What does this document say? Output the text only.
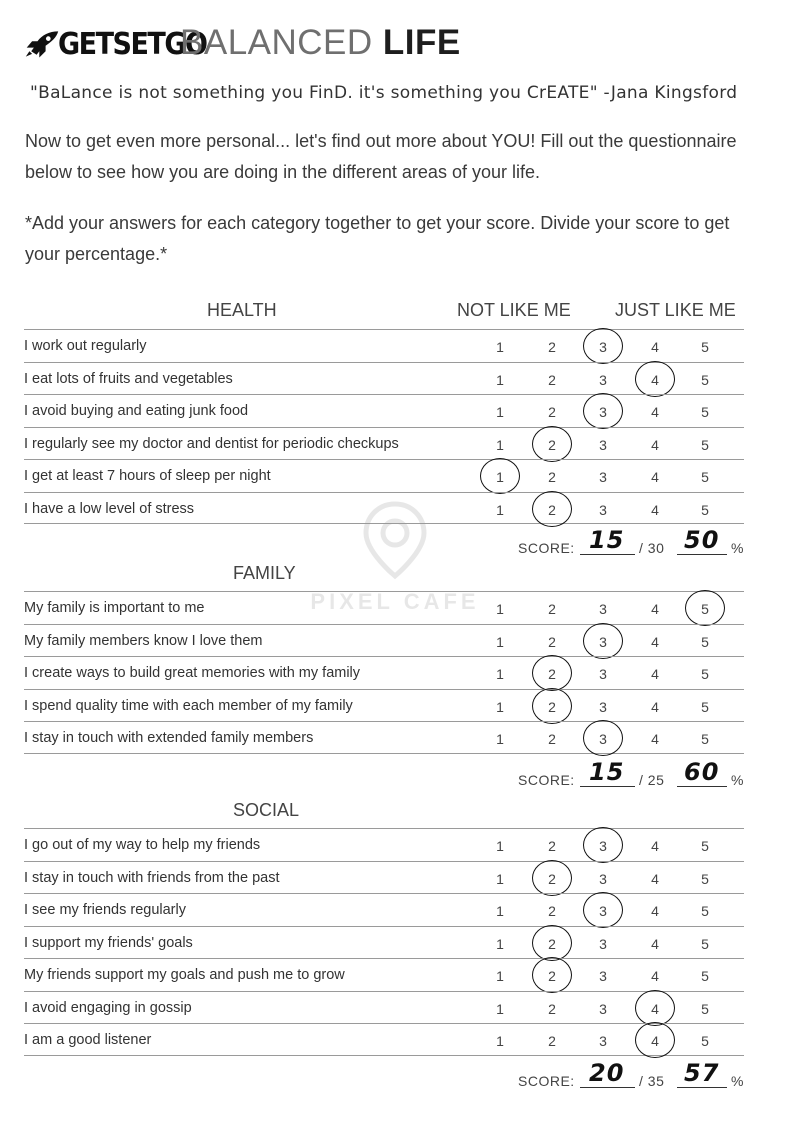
GETSETGO
BALANCED LIFE
"BaLance is not something you FinD. it's something you CrEATE" -Jana Kingsford
Now to get even more personal... let's find out more about YOU! Fill out the questionnaire below to see how you are doing in the different areas of your life.
*Add your answers for each category together to get your score. Divide your score to get your percentage.*
PIXEL CAFE
HEALTH	NOT LIKE ME JUST LIKE ME
I work out regularly	1	2	3	4	5
I eat lots of fruits and vegetables	1	2	3	4	5
I avoid buying and eating junk food	1	2	3	4	5
I regularly see my doctor and dentist for periodic checkups	1	2	3	4	5
I get at least 7 hours of sleep per night	1	2	3	4	5
I have a low level of stress	1	2	3	4	5
SCORE: 15 / 30 50 %
FAMILY
My family is important to me	1	2	3	4	5
My family members know I love them	1	2	3	4	5
I create ways to build great memories with my family	1	2	3	4	5
I spend quality time with each member of my family	1	2	3	4	5
I stay in touch with extended family members	1	2	3	4	5
SCORE: 15 / 25 60 %
SOCIAL
I go out of my way to help my friends	1	2	3	4	5
I stay in touch with friends from the past	1	2	3	4	5
I see my friends regularly	1	2	3	4	5
I support my friends' goals	1	2	3	4	5
My friends support my goals and push me to grow	1	2	3	4	5
I avoid engaging in gossip	1	2	3	4	5
I am a good listener	1	2	3	4	5
SCORE: 20 / 35 57 %
